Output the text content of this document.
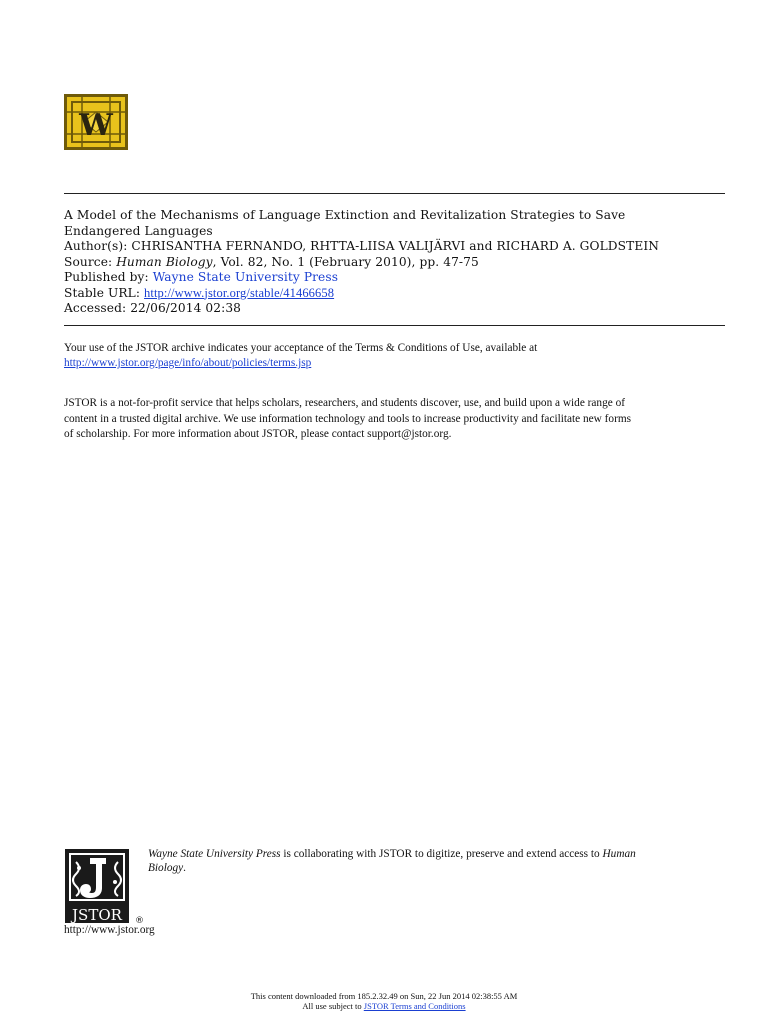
W
A Model of the Mechanisms of Language Extinction and Revitalization Strategies to Save
Endangered Languages
Author(s): CHRISANTHA FERNANDO, RHTTA-LIISA VALIJÄRVI and RICHARD A. GOLDSTEIN
Source: Human Biology, Vol. 82, No. 1 (February 2010), pp. 47-75
Published by: Wayne State University Press
Stable URL: http://www.jstor.org/stable/41466658
Accessed: 22/06/2014 02:38
Your use of the JSTOR archive indicates your acceptance of the Terms & Conditions of Use, available at
http://www.jstor.org/page/info/about/policies/terms.jsp
JSTOR is a not-for-profit service that helps scholars, researchers, and students discover, use, and build upon a wide range of
content in a trusted digital archive. We use information technology and tools to increase productivity and facilitate new forms
of scholarship. For more information about JSTOR, please contact support@jstor.org.
JSTOR ®
Wayne State University Press is collaborating with JSTOR to digitize, preserve and extend access to Human
Biology.
http://www.jstor.org
This content downloaded from 185.2.32.49 on Sun, 22 Jun 2014 02:38:55 AM
All use subject to JSTOR Terms and Conditions
